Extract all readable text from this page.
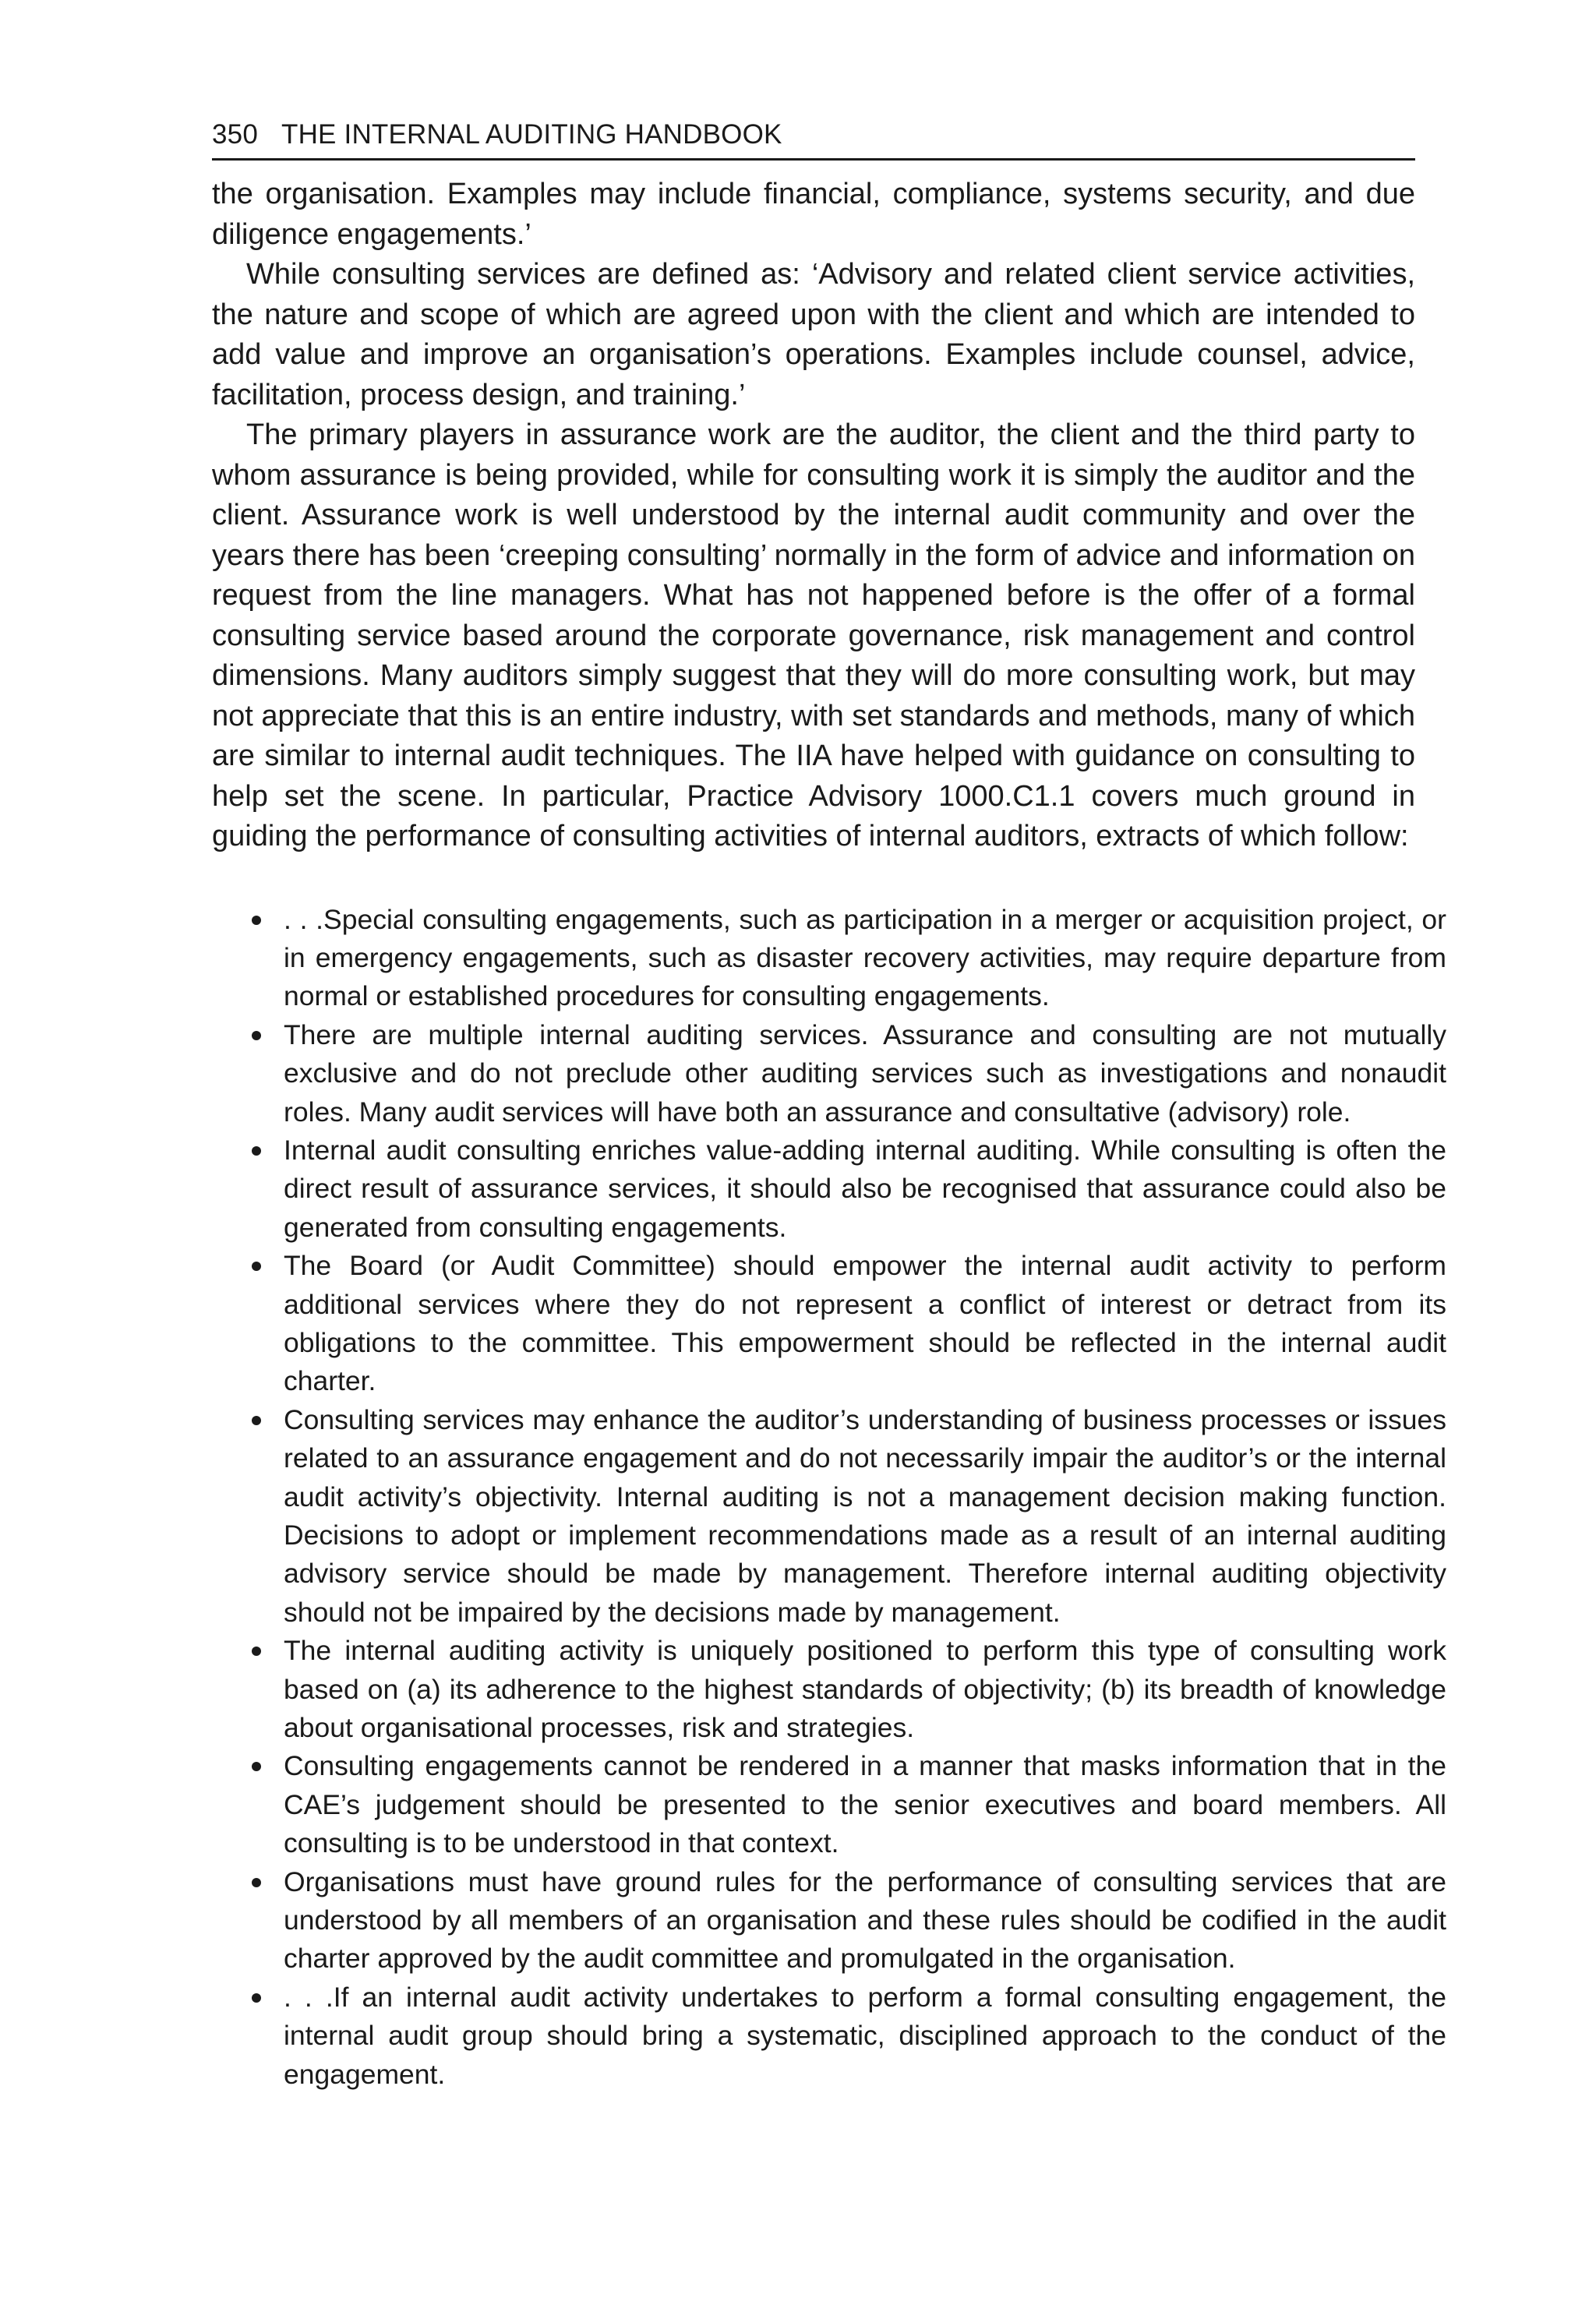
350 THE INTERNAL AUDITING HANDBOOK

the organisation. Examples may include financial, compliance, systems security, and due diligence engagements.’

While consulting services are defined as: ‘Advisory and related client service activities, the nature and scope of which are agreed upon with the client and which are intended to add value and improve an organisation’s operations. Examples include counsel, advice, facilitation, process design, and training.’

The primary players in assurance work are the auditor, the client and the third party to whom assurance is being provided, while for consulting work it is simply the auditor and the client. Assurance work is well understood by the internal audit community and over the years there has been ‘creeping consulting’ normally in the form of advice and information on request from the line managers. What has not happened before is the offer of a formal consulting service based around the corporate governance, risk management and control dimensions. Many auditors simply suggest that they will do more consulting work, but may not appreciate that this is an entire industry, with set standards and methods, many of which are similar to internal audit techniques. The IIA have helped with guidance on consulting to help set the scene. In particular, Practice Advisory 1000.C1.1 covers much ground in guiding the performance of consulting activities of internal auditors, extracts of which follow:

. . .Special consulting engagements, such as participation in a merger or acquisition project, or in emergency engagements, such as disaster recovery activities, may require departure from normal or established procedures for consulting engagements.
There are multiple internal auditing services. Assurance and consulting are not mutually exclusive and do not preclude other auditing services such as investigations and nonaudit roles. Many audit services will have both an assurance and consultative (advisory) role.
Internal audit consulting enriches value-adding internal auditing. While consulting is often the direct result of assurance services, it should also be recognised that assurance could also be generated from consulting engagements.
The Board (or Audit Committee) should empower the internal audit activity to perform additional services where they do not represent a conflict of interest or detract from its obligations to the committee. This empowerment should be reflected in the internal audit charter.
Consulting services may enhance the auditor’s understanding of business processes or issues related to an assurance engagement and do not necessarily impair the auditor’s or the internal audit activity’s objectivity. Internal auditing is not a management decision making function. Decisions to adopt or implement recommendations made as a result of an internal auditing advisory service should be made by management. Therefore internal auditing objectivity should not be impaired by the decisions made by management.
The internal auditing activity is uniquely positioned to perform this type of consulting work based on (a) its adherence to the highest standards of objectivity; (b) its breadth of knowledge about organisational processes, risk and strategies.
Consulting engagements cannot be rendered in a manner that masks information that in the CAE’s judgement should be presented to the senior executives and board members. All consulting is to be understood in that context.
Organisations must have ground rules for the performance of consulting services that are understood by all members of an organisation and these rules should be codified in the audit charter approved by the audit committee and promulgated in the organisation.
. . .If an internal audit activity undertakes to perform a formal consulting engagement, the internal audit group should bring a systematic, disciplined approach to the conduct of the engagement.
